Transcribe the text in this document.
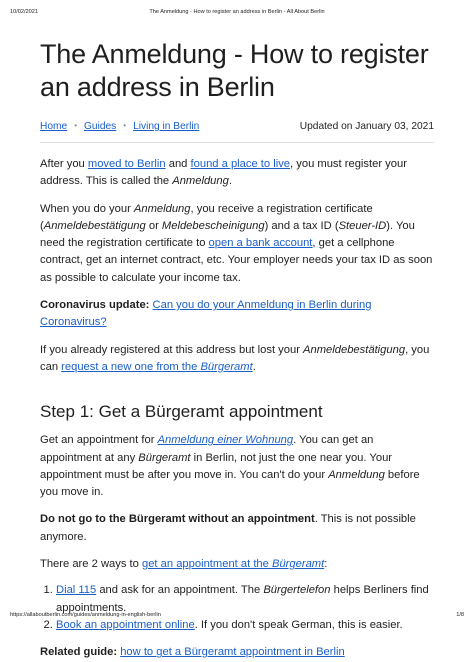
10/02/2021	The Anmeldung - How to register an address in Berlin - All About Berlin
The Anmeldung - How to register an address in Berlin
Home • Guides • Living in Berlin	Updated on January 03, 2021

After you moved to Berlin and found a place to live, you must register your address. This is called the Anmeldung.

When you do your Anmeldung, you receive a registration certificate (Anmeldebestätigung or Meldebescheinigung) and a tax ID (Steuer-ID). You need the registration certificate to open a bank account, get a cellphone contract, get an internet contract, etc. Your employer needs your tax ID as soon as possible to calculate your income tax.

Coronavirus update: Can you do your Anmeldung in Berlin during Coronavirus?

If you already registered at this address but lost your Anmeldebestätigung, you can request a new one from the Bürgeramt.

Step 1: Get a Bürgeramt appointment

Get an appointment for Anmeldung einer Wohnung. You can get an appointment at any Bürgeramt in Berlin, not just the one near you. Your appointment must be after you move in. You can't do your Anmeldung before you move in.

Do not go to the Bürgeramt without an appointment. This is not possible anymore.

There are 2 ways to get an appointment at the Bürgeramt:

1. Dial 115 and ask for an appointment. The Bürgertelefon helps Berliners find appointments.
2. Book an appointment online. If you don't speak German, this is easier.

Related guide: how to get a Bürgeramt appointment in Berlin

https://allaboutberlin.com/guides/anmeldung-in-english-berlin	1/8
